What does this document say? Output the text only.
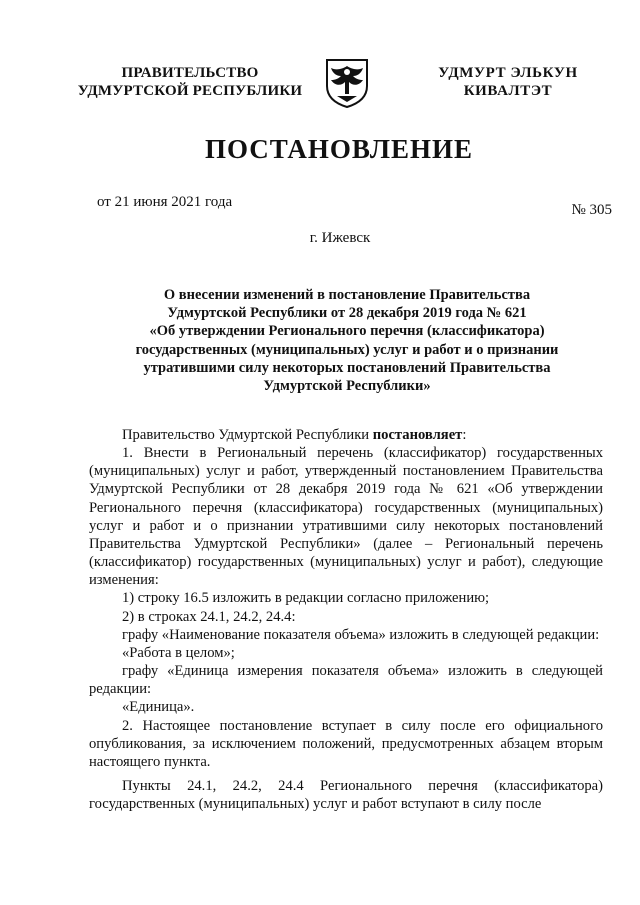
ПРАВИТЕЛЬСТВО
УДМУРТСКОЙ РЕСПУБЛИКИ
УДМУРТ ЭЛЬКУН
КИВАЛТЭТ
ПОСТАНОВЛЕНИЕ
от 21 июня 2021 года	№ 305
г. Ижевск
О внесении изменений в постановление Правительства
Удмуртской Республики от 28 декабря 2019 года № 621
«Об утверждении Регионального перечня (классификатора)
государственных (муниципальных) услуг и работ и о признании
утратившими силу некоторых постановлений Правительства
Удмуртской Республики»

Правительство Удмуртской Республики постановляет:

1. Внести в Региональный перечень (классификатор) государственных (муниципальных) услуг и работ, утвержденный постановлением Правительства Удмуртской Республики от 28 декабря 2019 года № 621 «Об утверждении Регионального перечня (классификатора) государственных (муниципальных) услуг и работ и о признании утратившими силу некоторых постановлений Правительства Удмуртской Республики» (далее – Региональный перечень (классификатор) государственных (муниципальных) услуг и работ), следующие изменения:

1) строку 16.5 изложить в редакции согласно приложению;

2) в строках 24.1, 24.2, 24.4:

графу «Наименование показателя объема» изложить в следующей редакции:

«Работа в целом»;

графу «Единица измерения показателя объема» изложить в следующей редакции:

«Единица».

2. Настоящее постановление вступает в силу после его официального опубликования, за исключением положений, предусмотренных абзацем вторым настоящего пункта.

Пункты 24.1, 24.2, 24.4 Регионального перечня (классификатора) государственных (муниципальных) услуг и работ вступают в силу после
